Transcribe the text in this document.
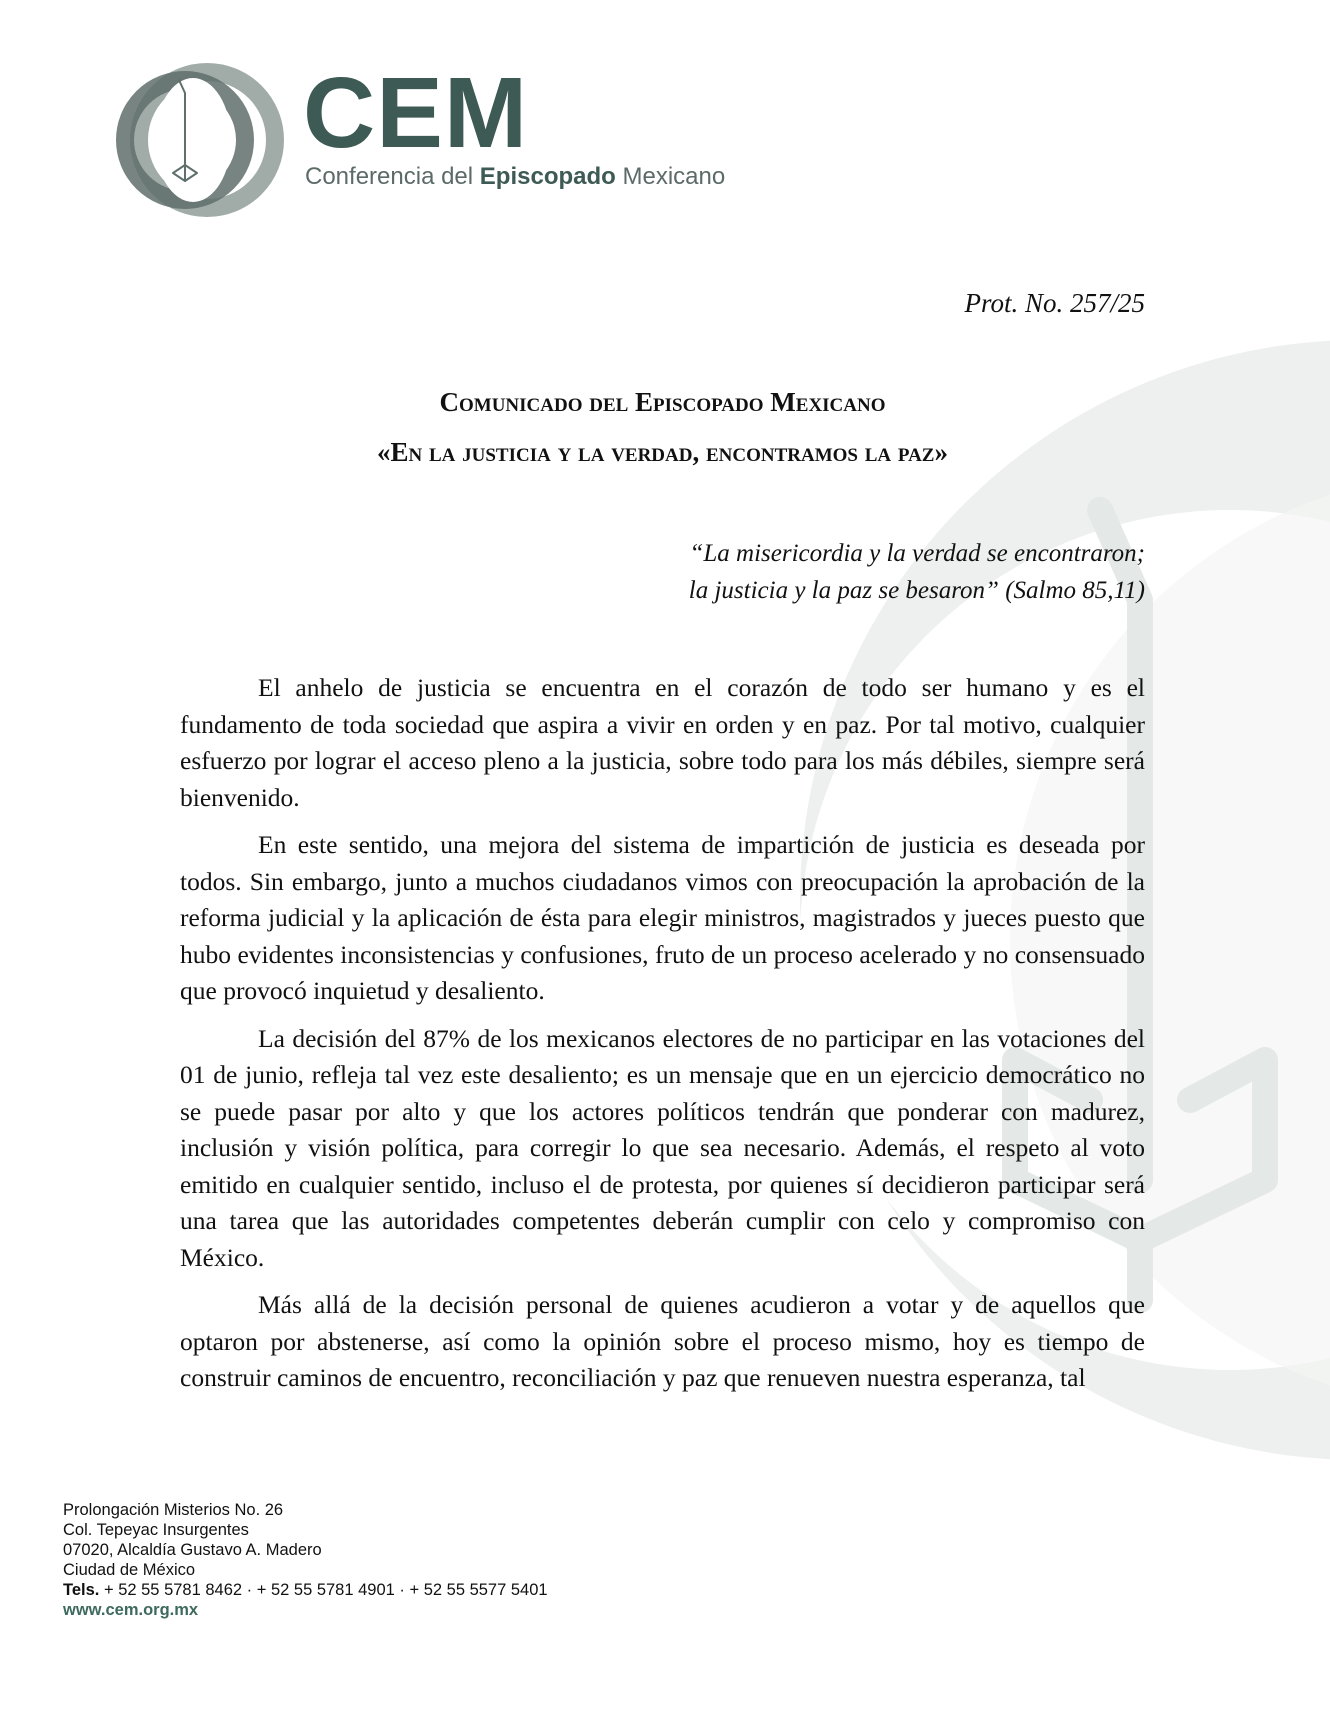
CEM
Conferencia del Episcopado Mexicano
Prot. No. 257/25
Comunicado del Episcopado Mexicano
«En la justicia y la verdad, encontramos la paz»
“La misericordia y la verdad se encontraron;
la justicia y la paz se besaron” (Salmo 85,11)

El anhelo de justicia se encuentra en el corazón de todo ser humano y es el fundamento de toda sociedad que aspira a vivir en orden y en paz. Por tal motivo, cualquier esfuerzo por lograr el acceso pleno a la justicia, sobre todo para los más débiles, siempre será bienvenido.

En este sentido, una mejora del sistema de impartición de justicia es deseada por todos. Sin embargo, junto a muchos ciudadanos vimos con preocupación la aprobación de la reforma judicial y la aplicación de ésta para elegir ministros, magistrados y jueces puesto que hubo evidentes inconsistencias y confusiones, fruto de un proceso acelerado y no consensuado que provocó inquietud y desaliento.

La decisión del 87% de los mexicanos electores de no participar en las votaciones del 01 de junio, refleja tal vez este desaliento; es un mensaje que en un ejercicio democrático no se puede pasar por alto y que los actores políticos tendrán que ponderar con madurez, inclusión y visión política, para corregir lo que sea necesario. Además, el respeto al voto emitido en cualquier sentido, incluso el de protesta, por quienes sí decidieron participar será una tarea que las autoridades competentes deberán cumplir con celo y compromiso con México.

Más allá de la decisión personal de quienes acudieron a votar y de aquellos que optaron por abstenerse, así como la opinión sobre el proceso mismo, hoy es tiempo de construir caminos de encuentro, reconciliación y paz que renueven nuestra esperanza, tal

Prolongación Misterios No. 26
Col. Tepeyac Insurgentes
07020, Alcaldía Gustavo A. Madero
Ciudad de México
Tels. + 52 55 5781 8462 · + 52 55 5781 4901 · + 52 55 5577 5401
www.cem.org.mx
